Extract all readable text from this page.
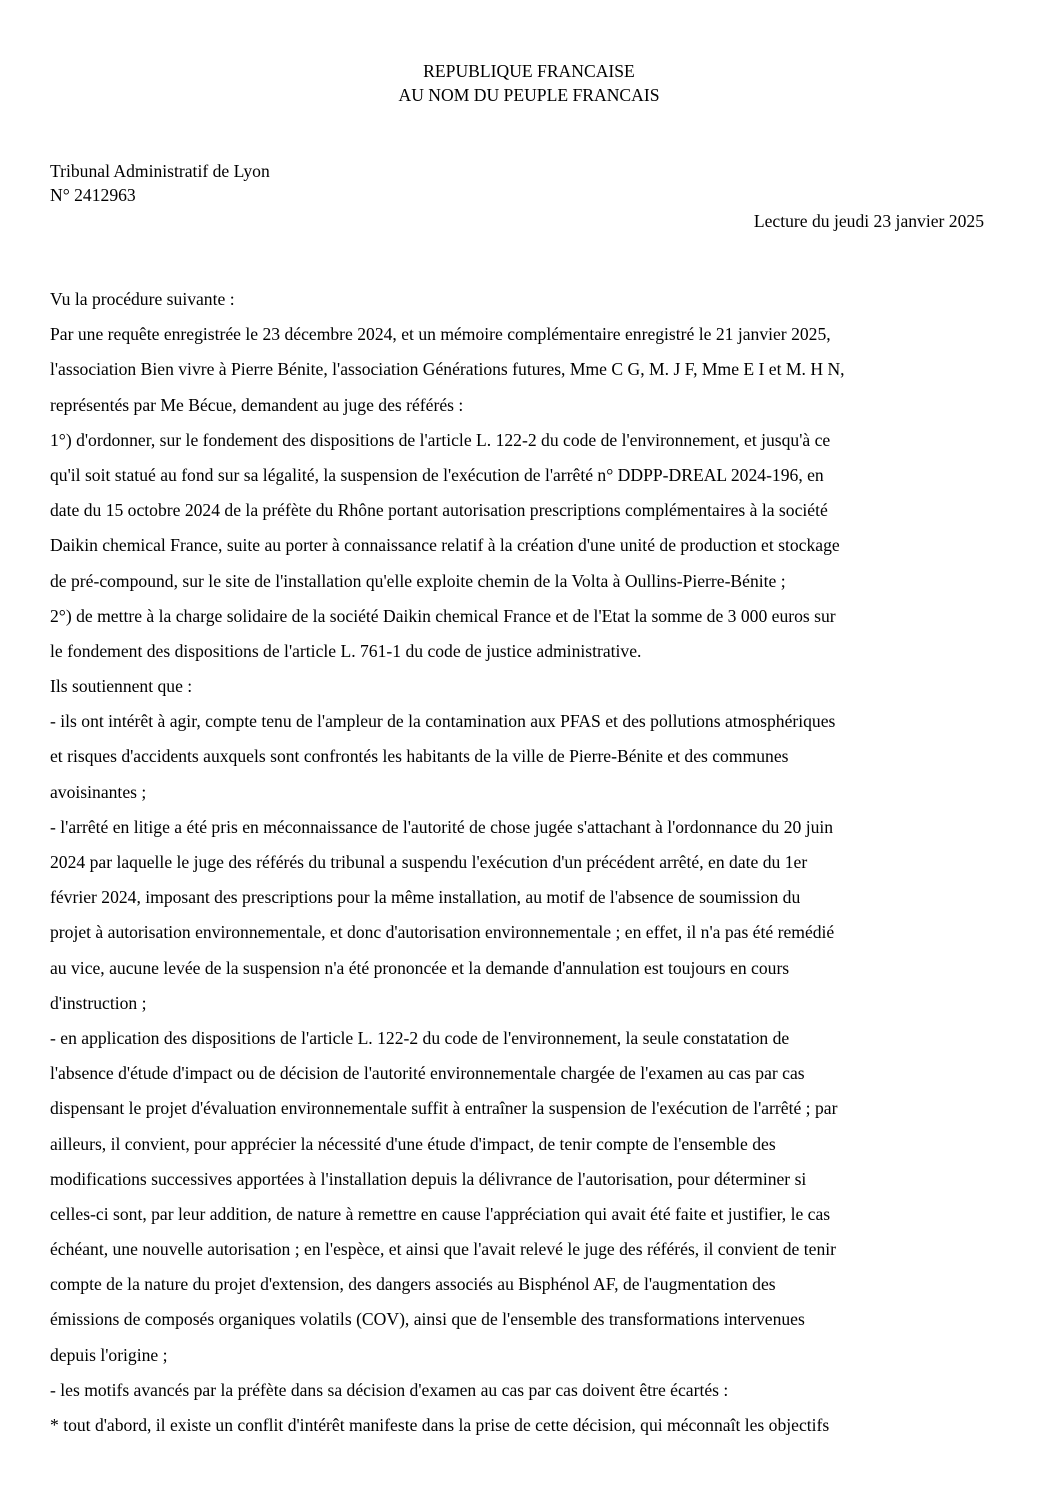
REPUBLIQUE FRANCAISE
AU NOM DU PEUPLE FRANCAIS
Tribunal Administratif de Lyon
N° 2412963
Lecture du jeudi 23 janvier 2025
Vu la procédure suivante :
Par une requête enregistrée le 23 décembre 2024, et un mémoire complémentaire enregistré le 21 janvier 2025,
l'association Bien vivre à Pierre Bénite, l'association Générations futures, Mme C G, M. J F, Mme E I et M. H N,
représentés par Me Bécue, demandent au juge des référés :
1°) d'ordonner, sur le fondement des dispositions de l'article L. 122-2 du code de l'environnement, et jusqu'à ce
qu'il soit statué au fond sur sa légalité, la suspension de l'exécution de l'arrêté n° DDPP-DREAL 2024-196, en
date du 15 octobre 2024 de la préfète du Rhône portant autorisation prescriptions complémentaires à la société
Daikin chemical France, suite au porter à connaissance relatif à la création d'une unité de production et stockage
de pré-compound, sur le site de l'installation qu'elle exploite chemin de la Volta à Oullins-Pierre-Bénite ;
2°) de mettre à la charge solidaire de la société Daikin chemical France et de l'Etat la somme de 3 000 euros sur
le fondement des dispositions de l'article L. 761-1 du code de justice administrative.
Ils soutiennent que :
- ils ont intérêt à agir, compte tenu de l'ampleur de la contamination aux PFAS et des pollutions atmosphériques
et risques d'accidents auxquels sont confrontés les habitants de la ville de Pierre-Bénite et des communes
avoisinantes ;
- l'arrêté en litige a été pris en méconnaissance de l'autorité de chose jugée s'attachant à l'ordonnance du 20 juin
2024 par laquelle le juge des référés du tribunal a suspendu l'exécution d'un précédent arrêté, en date du 1er
février 2024, imposant des prescriptions pour la même installation, au motif de l'absence de soumission du
projet à autorisation environnementale, et donc d'autorisation environnementale ; en effet, il n'a pas été remédié
au vice, aucune levée de la suspension n'a été prononcée et la demande d'annulation est toujours en cours
d'instruction ;
- en application des dispositions de l'article L. 122-2 du code de l'environnement, la seule constatation de
l'absence d'étude d'impact ou de décision de l'autorité environnementale chargée de l'examen au cas par cas
dispensant le projet d'évaluation environnementale suffit à entraîner la suspension de l'exécution de l'arrêté ; par
ailleurs, il convient, pour apprécier la nécessité d'une étude d'impact, de tenir compte de l'ensemble des
modifications successives apportées à l'installation depuis la délivrance de l'autorisation, pour déterminer si
celles-ci sont, par leur addition, de nature à remettre en cause l'appréciation qui avait été faite et justifier, le cas
échéant, une nouvelle autorisation ; en l'espèce, et ainsi que l'avait relevé le juge des référés, il convient de tenir
compte de la nature du projet d'extension, des dangers associés au Bisphénol AF, de l'augmentation des
émissions de composés organiques volatils (COV), ainsi que de l'ensemble des transformations intervenues
depuis l'origine ;
- les motifs avancés par la préfète dans sa décision d'examen au cas par cas doivent être écartés :
* tout d'abord, il existe un conflit d'intérêt manifeste dans la prise de cette décision, qui méconnaît les objectifs
